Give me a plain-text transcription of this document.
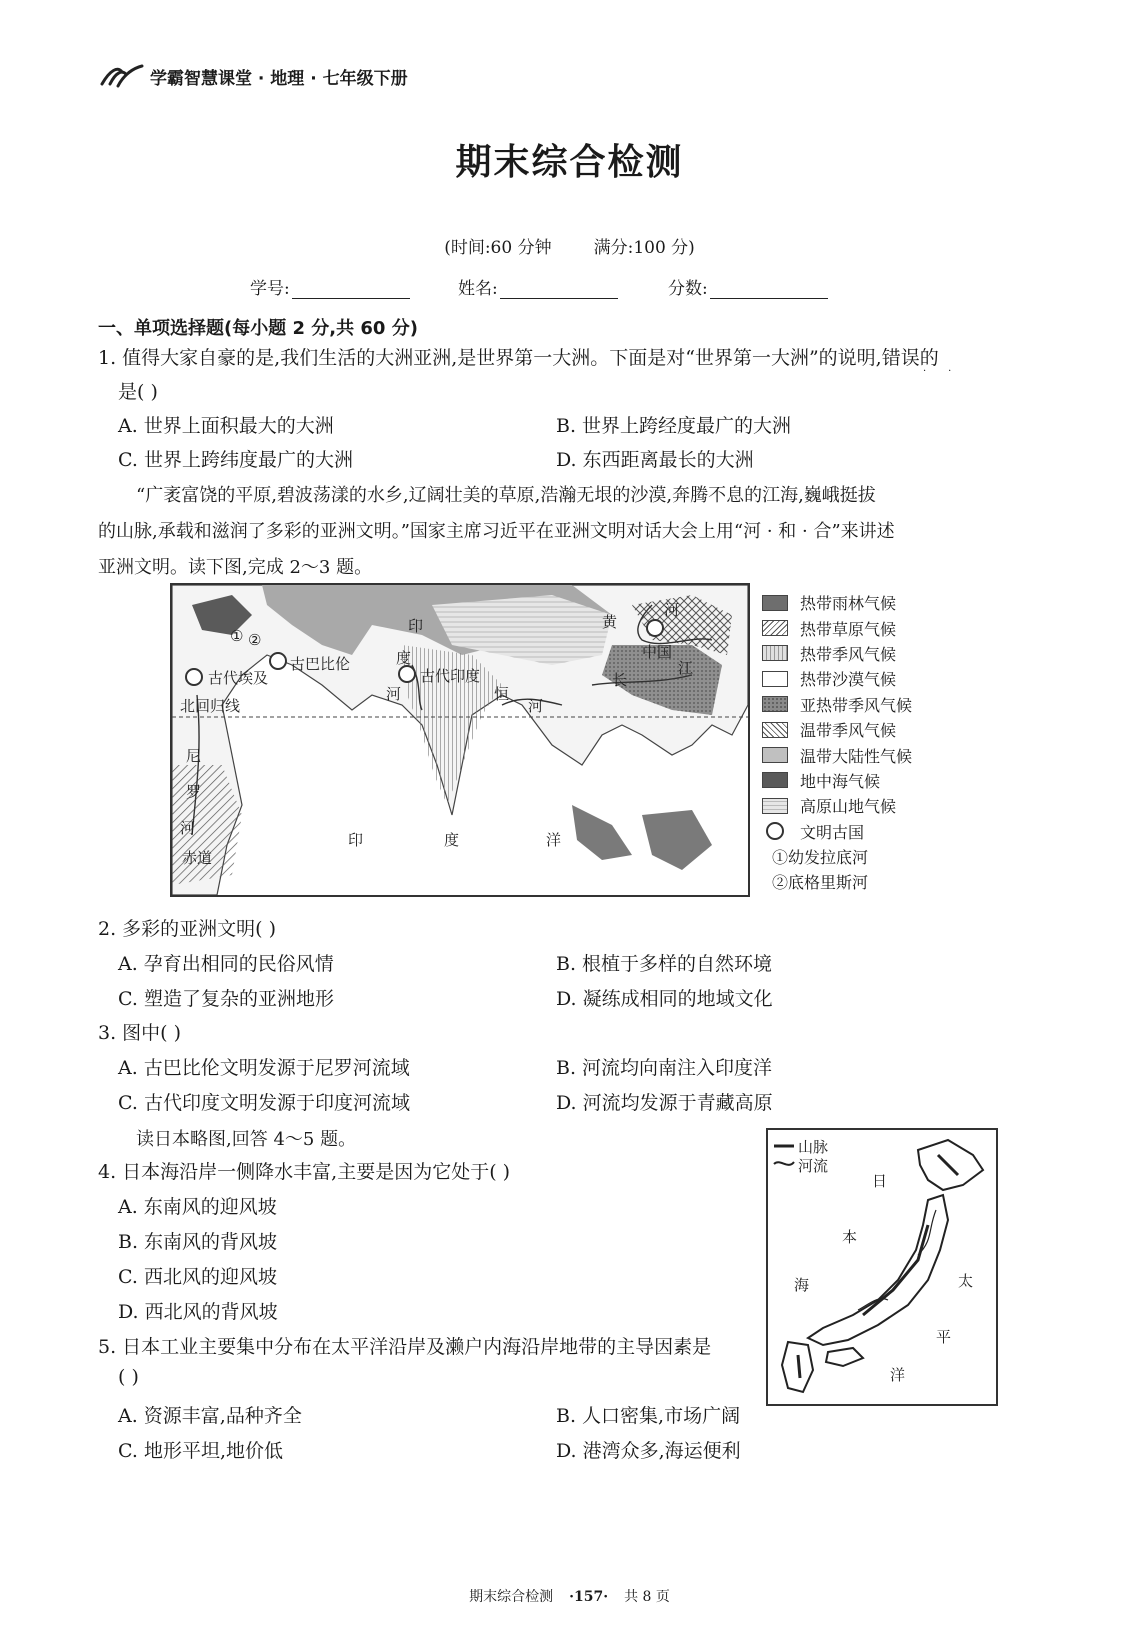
学霸智慧课堂 · 地理 · 七年级下册
期末综合检测
(时间:60 分钟 满分:100 分)
学号:	姓名:	分数:
一、单项选择题(每小题 2 分,共 60 分)
1. 值得大家自豪的是,我们生活的大洲亚洲,是世界第一大洲。下面是对“世界第一大洲”的说明,错误的
··
是( )
A. 世界上面积最大的大洲	B. 世界上跨经度最广的大洲
C. 世界上跨纬度最广的大洲	D. 东西距离最长的大洲
“广袤富饶的平原,碧波荡漾的水乡,辽阔壮美的草原,浩瀚无垠的沙漠,奔腾不息的江海,巍峨挺拔
的山脉,承载和滋润了多彩的亚洲文明。”国家主席习近平在亚洲文明对话大会上用“河 · 和 · 合”来讲述
亚洲文明。读下图,完成 2～3 题。
古代埃及
古巴比伦
古代印度
中国
北回归线
赤道
① ②
尼
罗
河
印
度
河	恒
河
黄
河
长
江
印	度	洋
热带雨林气候
热带草原气候
热带季风气候
热带沙漠气候
亚热带季风气候
温带季风气候
温带大陆性气候
地中海气候
高原山地气候
文明古国
①幼发拉底河
②底格里斯河
2. 多彩的亚洲文明( )
A. 孕育出相同的民俗风情	B. 根植于多样的自然环境
C. 塑造了复杂的亚洲地形	D. 凝练成相同的地域文化
3. 图中( )
A. 古巴比伦文明发源于尼罗河流域	B. 河流均向南注入印度洋
C. 古代印度文明发源于印度河流域	D. 河流均发源于青藏高原
读日本略图,回答 4～5 题。
4. 日本海沿岸一侧降水丰富,主要是因为它处于( )
A. 东南风的迎风坡
B. 东南风的背风坡
C. 西北风的迎风坡
D. 西北风的背风坡
5. 日本工业主要集中分布在太平洋沿岸及濑户内海沿岸地带的主导因素是
( )
A. 资源丰富,品种齐全	B. 人口密集,市场广阔
C. 地形平坦,地价低	D. 港湾众多,海运便利
山脉
河流
日
本
海	太
平
洋
期末综合检测 ·157· 共 8 页
